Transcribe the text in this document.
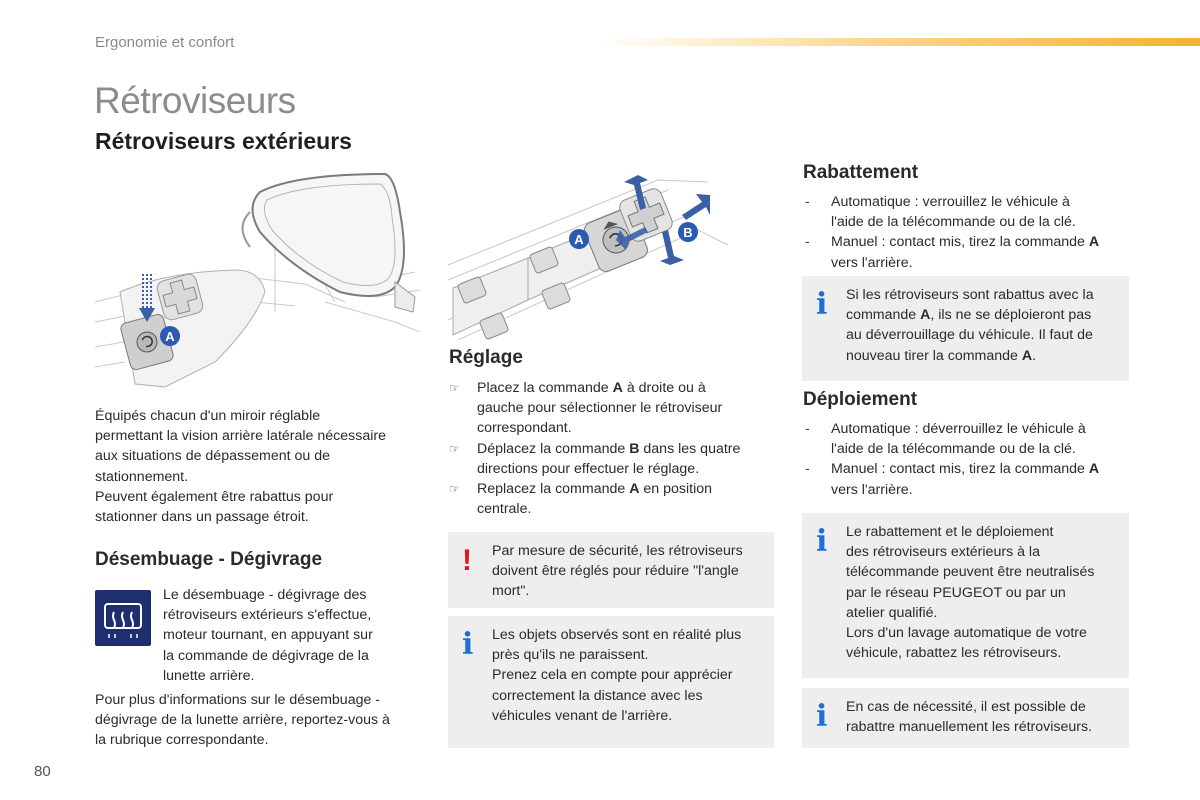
Ergonomie et confort
Rétroviseurs
Rétroviseurs extérieurs
A
A	B
Équipés chacun d'un miroir réglable
permettant la vision arrière latérale nécessaire
aux situations de dépassement ou de
stationnement.
Peuvent également être rabattus pour
stationner dans un passage étroit.
Désembuage - Dégivrage
Le désembuage - dégivrage des
rétroviseurs extérieurs s'effectue,
moteur tournant, en appuyant sur
la commande de dégivrage de la
lunette arrière.
Pour plus d'informations sur le désembuage -
dégivrage de la lunette arrière, reportez-vous à
la rubrique correspondante.
Réglage
☞ Placez la commande A à droite ou à
gauche pour sélectionner le rétroviseur
correspondant.
☞ Déplacez la commande B dans les quatre
directions pour effectuer le réglage.
☞ Replacez la commande A en position
centrale.
! Par mesure de sécurité, les rétroviseurs
doivent être réglés pour réduire "l'angle
mort".
i Les objets observés sont en réalité plus
près qu'ils ne paraissent.
Prenez cela en compte pour apprécier
correctement la distance avec les
véhicules venant de l'arrière.
Rabattement
- Automatique : verrouillez le véhicule à
l'aide de la télécommande ou de la clé.
- Manuel : contact mis, tirez la commande A
vers l'arrière.
i Si les rétroviseurs sont rabattus avec la
commande A, ils ne se déploieront pas
au déverrouillage du véhicule. Il faut de
nouveau tirer la commande A.
Déploiement
- Automatique : déverrouillez le véhicule à
l'aide de la télécommande ou de la clé.
- Manuel : contact mis, tirez la commande A
vers l'arrière.
i Le rabattement et le déploiement
des rétroviseurs extérieurs à la
télécommande peuvent être neutralisés
par le réseau PEUGEOT ou par un
atelier qualifié.
Lors d'un lavage automatique de votre
véhicule, rabattez les rétroviseurs.
i En cas de nécessité, il est possible de
rabattre manuellement les rétroviseurs.
80
